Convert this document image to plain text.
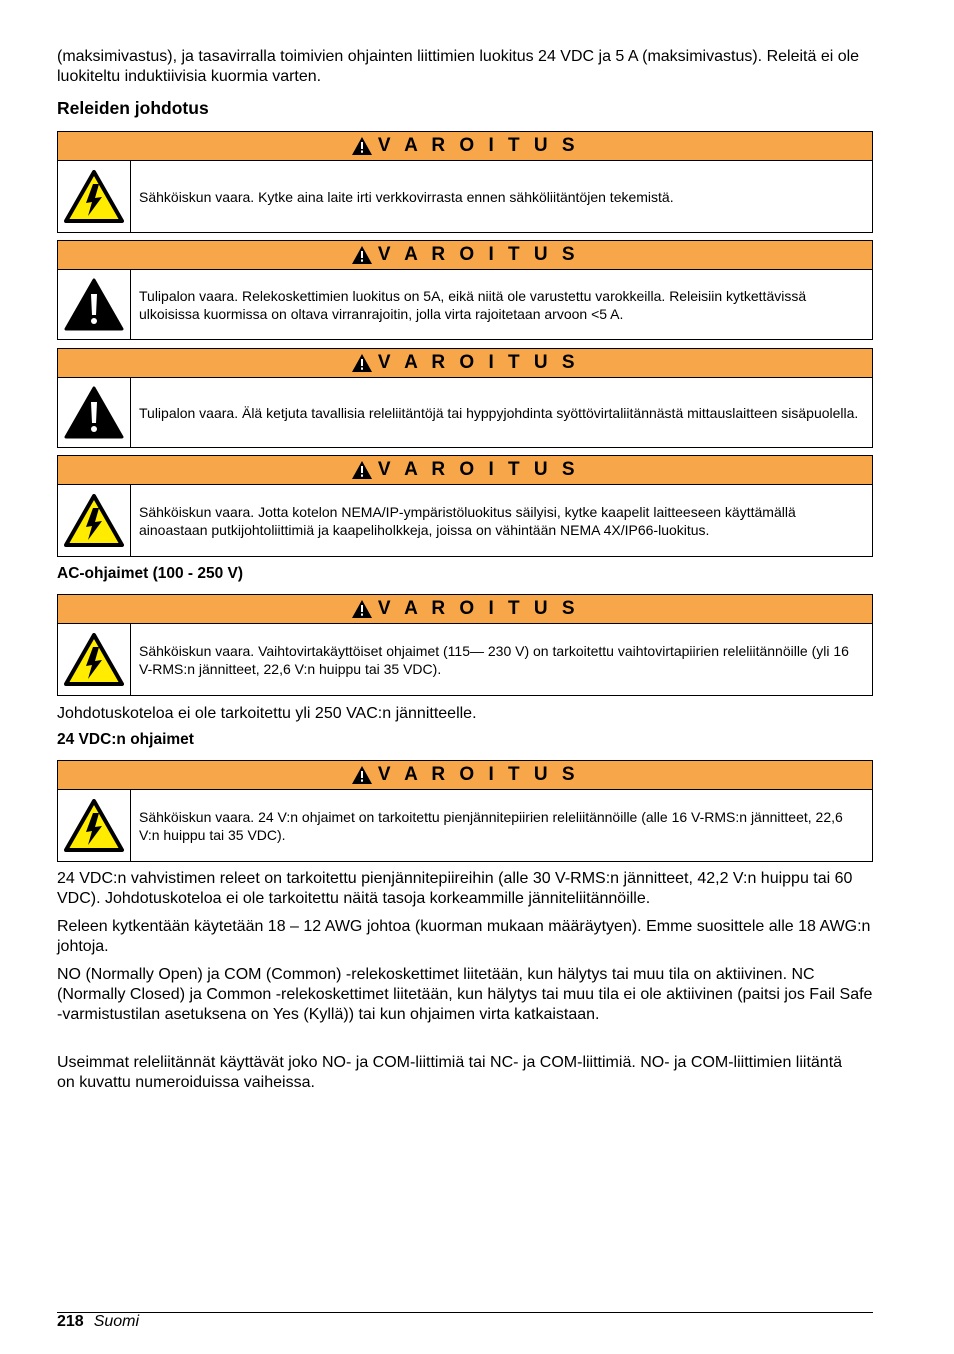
(maksimivastus), ja tasavirralla toimivien ohjainten liittimien luokitus 24 VDC ja 5 A (maksimivastus). Releitä ei ole luokiteltu induktiivisia kuormia varten.

Releiden johdotus

V A R O I T U S
Sähköiskun vaara. Kytke aina laite irti verkkovirrasta ennen sähköliitäntöjen tekemistä.
V A R O I T U S
Tulipalon vaara. Relekoskettimien luokitus on 5A, eikä niitä ole varustettu varokkeilla. Releisiin kytkettävissä ulkoisissa kuormissa on oltava virranrajoitin, jolla virta rajoitetaan arvoon <5 A.
V A R O I T U S
Tulipalon vaara. Älä ketjuta tavallisia releliitäntöjä tai hyppyjohdinta syöttövirtaliitännästä mittauslaitteen sisäpuolella.
V A R O I T U S
Sähköiskun vaara. Jotta kotelon NEMA/IP-ympäristöluokitus säilyisi, kytke kaapelit laitteeseen käyttämällä ainoastaan putkijohtoliittimiä ja kaapeliholkkeja, joissa on vähintään NEMA 4X/IP66-luokitus.

AC-ohjaimet (100 - 250 V)

V A R O I T U S
Sähköiskun vaara. Vaihtovirtakäyttöiset ohjaimet (115— 230 V) on tarkoitettu vaihtovirtapiirien releliitännöille (yli 16 V-RMS:n jännitteet, 22,6 V:n huippu tai 35 VDC).

Johdotuskoteloa ei ole tarkoitettu yli 250 VAC:n jännitteelle.

24 VDC:n ohjaimet

V A R O I T U S
Sähköiskun vaara. 24 V:n ohjaimet on tarkoitettu pienjännitepiirien releliitännöille (alle 16 V-RMS:n jännitteet, 22,6 V:n huippu tai 35 VDC).

24 VDC:n vahvistimen releet on tarkoitettu pienjännitepiireihin (alle 30 V-RMS:n jännitteet, 42,2 V:n huippu tai 60 VDC). Johdotuskoteloa ei ole tarkoitettu näitä tasoja korkeammille jänniteliitännöille.

Releen kytkentään käytetään 18 – 12 AWG johtoa (kuorman mukaan määräytyen). Emme suosittele alle 18 AWG:n johtoja.

NO (Normally Open) ja COM (Common) -relekoskettimet liitetään, kun hälytys tai muu tila on aktiivinen. NC (Normally Closed) ja Common -relekoskettimet liitetään, kun hälytys tai muu tila ei ole aktiivinen (paitsi jos Fail Safe -varmistustilan asetuksena on Yes (Kyllä)) tai kun ohjaimen virta katkaistaan.

Useimmat releliitännät käyttävät joko NO- ja COM-liittimiä tai NC- ja COM-liittimiä. NO- ja COM-liittimien liitäntä on kuvattu numeroiduissa vaiheissa.

218 Suomi
